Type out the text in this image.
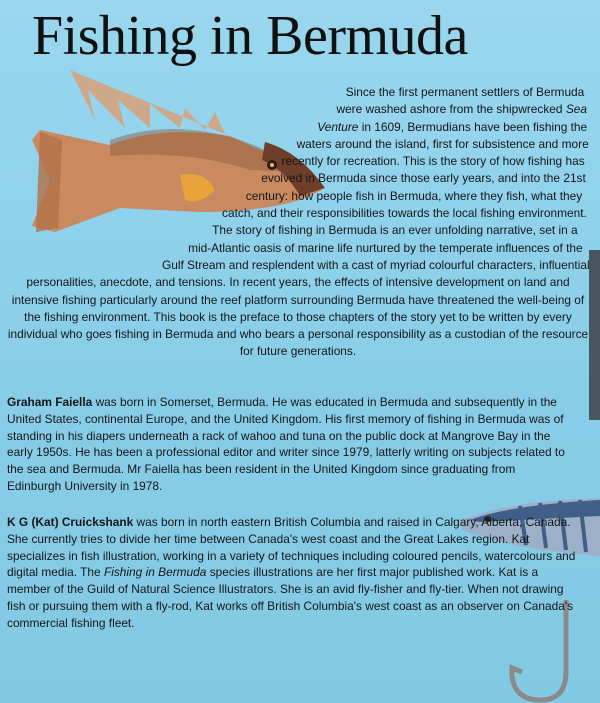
Fishing in Bermuda

Since the first permanent settlers of Bermuda were washed ashore from the shipwrecked Sea Venture in 1609, Bermudians have been fishing the waters around the island, first for subsistence and more recently for recreation. This is the story of how fishing has evolved in Bermuda since those early years, and into the 21st century: how people fish in Bermuda, where they fish, what they catch, and their responsibilities towards the local fishing environment. The story of fishing in Bermuda is an ever unfolding narrative, set in a mid-Atlantic oasis of marine life nurtured by the temperate influences of the Gulf Stream and resplendent with a cast of myriad colourful characters, influential personalities, anecdote, and tensions. In recent years, the effects of intensive development on land and intensive fishing particularly around the reef platform surrounding Bermuda have threatened the well-being of the fishing environment. This book is the preface to those chapters of the story yet to be written by every individual who goes fishing in Bermuda and who bears a personal responsibility as a custodian of the resource for future generations.

Graham Faiella was born in Somerset, Bermuda. He was educated in Bermuda and subsequently in the United States, continental Europe, and the United Kingdom. His first memory of fishing in Bermuda was of standing in his diapers underneath a rack of wahoo and tuna on the public dock at Mangrove Bay in the early 1950s. He has been a professional editor and writer since 1979, latterly writing on subjects related to the sea and Bermuda. Mr Faiella has been resident in the United Kingdom since graduating from Edinburgh University in 1978.

K G (Kat) Cruickshank was born in north eastern British Columbia and raised in Calgary, Alberta, Canada. She currently tries to divide her time between Canada's west coast and the Great Lakes region. Kat specializes in fish illustration, working in a variety of techniques including coloured pencils, watercolours and digital media. The Fishing in Bermuda species illustrations are her first major published work. Kat is a member of the Guild of Natural Science Illustrators. She is an avid fly-fisher and fly-tier. When not drawing fish or pursuing them with a fly-rod, Kat works off British Columbia's west coast as an observer on Canada's commercial fishing fleet.
